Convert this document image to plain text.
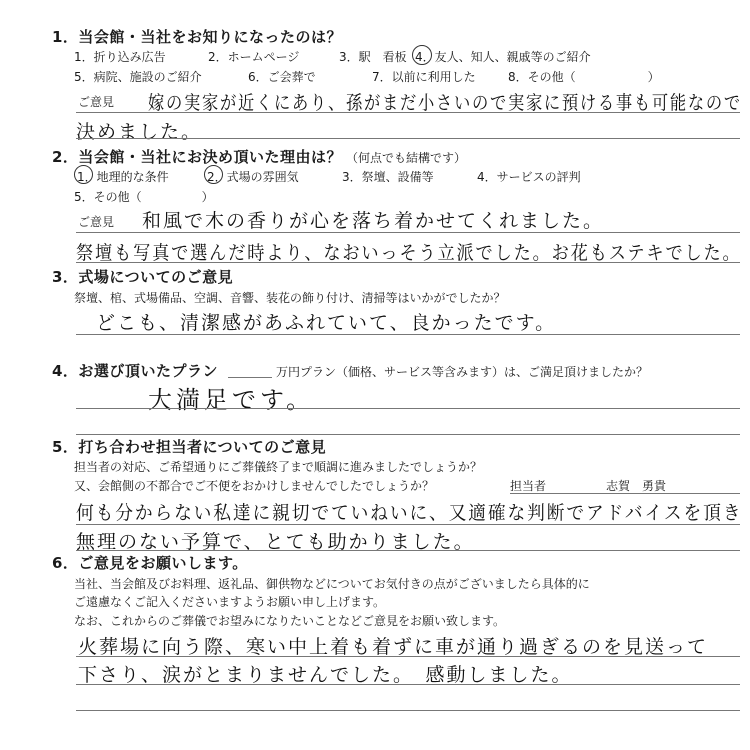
1．当会館・当社をお知りになったのは？
1．折り込み広告	2．ホームページ	3．駅　看板 4．友人、知人、親戚等のご紹介
5．病院、施設のご紹介	6．ご会葬で	7．以前に利用した	8．その他（　　　　　　）
ご意見 嫁の実家が近くにあり、孫がまだ小さいので実家に預ける事も可能なので
決めました。
2．当会館・当社にお決め頂いた理由は？ （何点でも結構です）
1．地理的な条件	2．式場の雰囲気	3．祭壇、設備等	4．サービスの評判
5．その他（　　　　　）
ご意見 和風で木の香りが心を落ち着かせてくれました。
祭壇も写真で選んだ時より、なおいっそう立派でした。お花もステキでした。
3．式場についてのご意見
祭壇、棺、式場備品、空調、音響、装花の飾り付け、清掃等はいかがでしたか？
どこも、清潔感があふれていて、良かったです。
4．お選び頂いたプラン	万円プラン（価格、サービス等含みます）は、ご満足頂けましたか？
大満足です。
5．打ち合わせ担当者についてのご意見
担当者の対応、ご希望通りにご葬儀終了まで順調に進みましたでしょうか？
又、会館側の不都合でご不便をおかけしませんでしたでしょうか？	担当者	志賀　勇貴
何も分からない私達に親切でていねいに、又適確な判断でアドバイスを頂き
無理のない予算で、とても助かりました。
6．ご意見をお願いします。
当社、当会館及びお料理、返礼品、御供物などについてお気付きの点がございましたら具体的に
ご遠慮なくご記入くださいますようお願い申し上げます。
なお、これからのご葬儀でお望みになりたいことなどご意見をお願い致します。
火葬場に向う際、寒い中上着も着ずに車が通り過ぎるのを見送って
下さり、涙がとまりませんでした。　感動しました。
